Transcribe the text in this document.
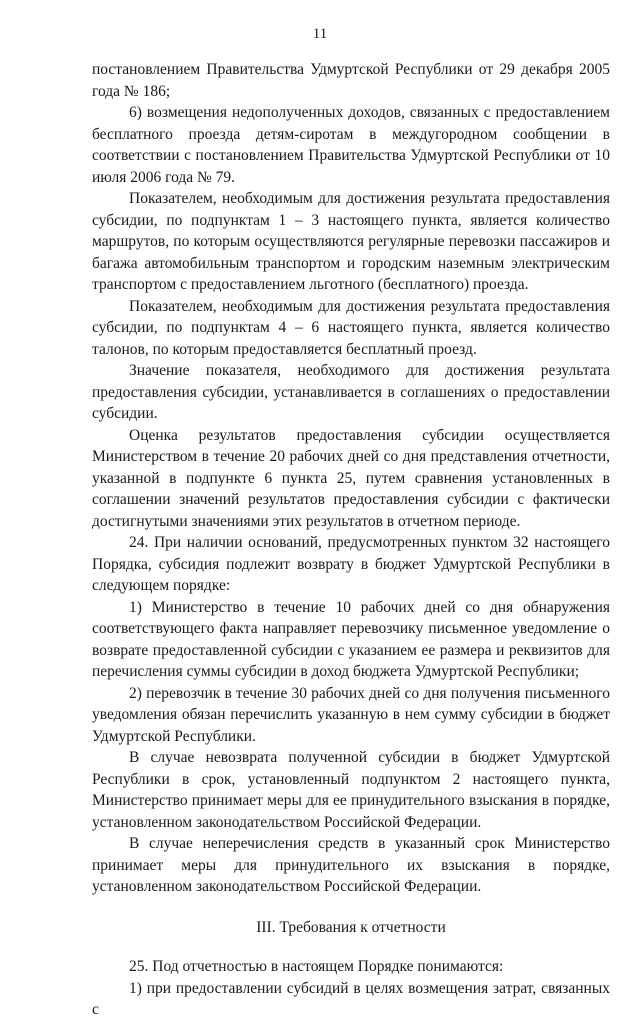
11

постановлением Правительства Удмуртской Республики от 29 декабря 2005 года № 186;

6) возмещения недополученных доходов, связанных с предоставлением бесплатного проезда детям-сиротам в междугородном сообщении в соответствии с постановлением Правительства Удмуртской Республики от 10 июля 2006 года № 79.

Показателем, необходимым для достижения результата предоставления субсидии, по подпунктам 1 – 3 настоящего пункта, является количество маршрутов, по которым осуществляются регулярные перевозки пассажиров и багажа автомобильным транспортом и городским наземным электрическим транспортом с предоставлением льготного (бесплатного) проезда.

Показателем, необходимым для достижения результата предоставления субсидии, по подпунктам 4 – 6 настоящего пункта, является количество талонов, по которым предоставляется бесплатный проезд.

Значение показателя, необходимого для достижения результата предоставления субсидии, устанавливается в соглашениях о предоставлении субсидии.

Оценка результатов предоставления субсидии осуществляется Министерством в течение 20 рабочих дней со дня представления отчетности, указанной в подпункте 6 пункта 25, путем сравнения установленных в соглашении значений результатов предоставления субсидии с фактически достигнутыми значениями этих результатов в отчетном периоде.

24. При наличии оснований, предусмотренных пунктом 32 настоящего Порядка, субсидия подлежит возврату в бюджет Удмуртской Республики в следующем порядке:

1) Министерство в течение 10 рабочих дней со дня обнаружения соответствующего факта направляет перевозчику письменное уведомление о возврате предоставленной субсидии с указанием ее размера и реквизитов для перечисления суммы субсидии в доход бюджета Удмуртской Республики;

2) перевозчик в течение 30 рабочих дней со дня получения письменного уведомления обязан перечислить указанную в нем сумму субсидии в бюджет Удмуртской Республики.

В случае невозврата полученной субсидии в бюджет Удмуртской Республики в срок, установленный подпунктом 2 настоящего пункта, Министерство принимает меры для ее принудительного взыскания в порядке, установленном законодательством Российской Федерации.

В случае неперечисления средств в указанный срок Министерство принимает меры для принудительного их взыскания в порядке, установленном законодательством Российской Федерации.

III. Требования к отчетности

25. Под отчетностью в настоящем Порядке понимаются:

1) при предоставлении субсидий в целях возмещения затрат, связанных с
